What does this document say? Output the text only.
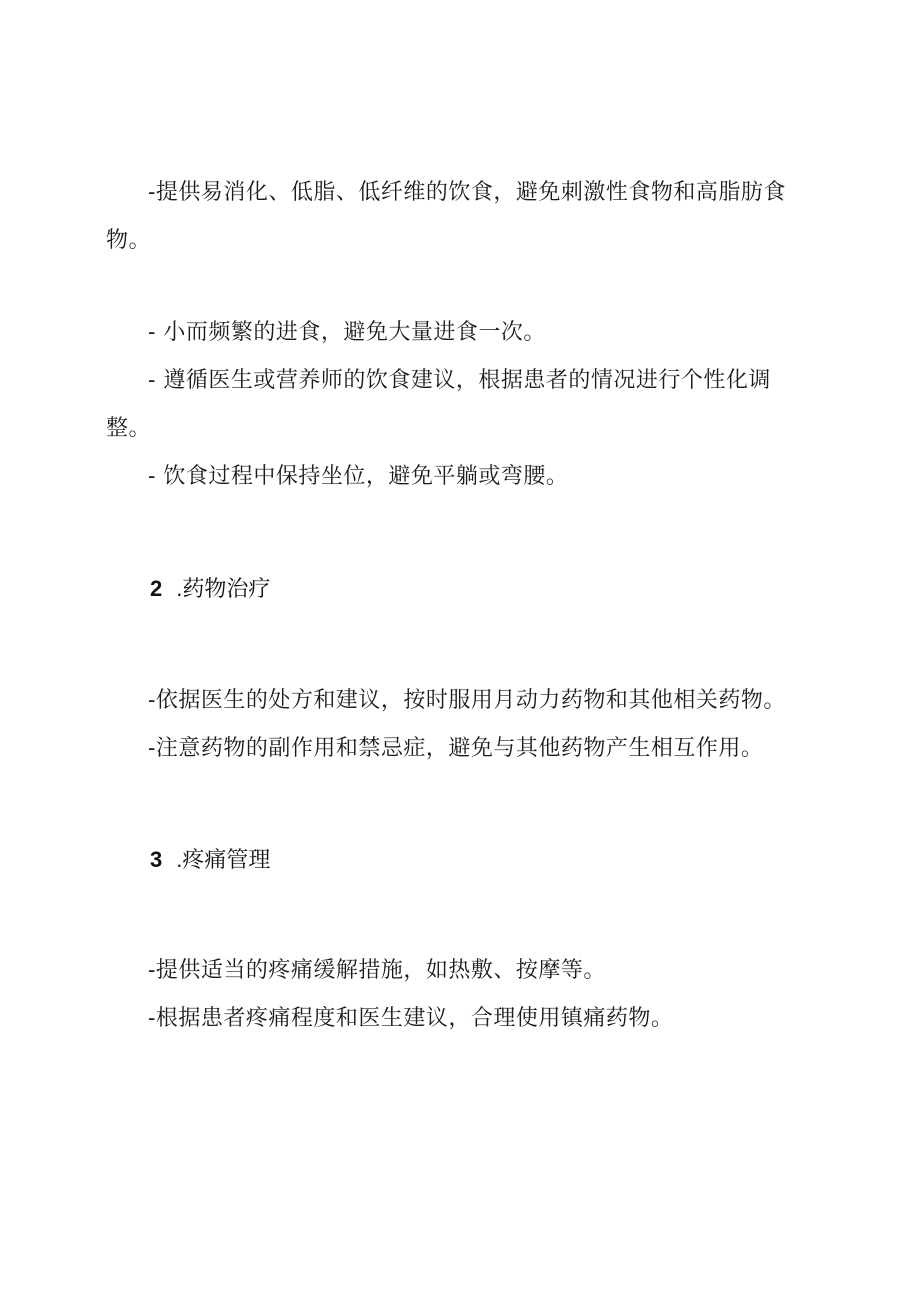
-提供易消化、低脂、低纤维的饮食，避免刺激性食物和高脂肪食
物。
- 小而频繁的进食，避免大量进食一次。
- 遵循医生或营养师的饮食建议，根据患者的情况进行个性化调
整。
- 饮食过程中保持坐位，避免平躺或弯腰。
2 .药物治疗
-依据医生的处方和建议，按时服用月动力药物和其他相关药物。
-注意药物的副作用和禁忌症，避免与其他药物产生相互作用。
3 .疼痛管理
-提供适当的疼痛缓解措施，如热敷、按摩等。
-根据患者疼痛程度和医生建议，合理使用镇痛药物。
